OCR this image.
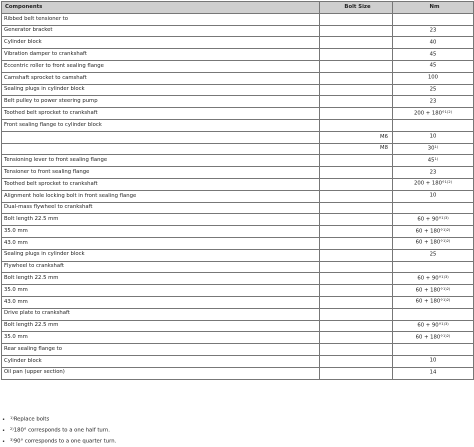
Components	Bolt Size	Nm
Ribbed belt tensioner to		
Generator bracket		23
Cylinder block		40
Vibration damper to crankshaft		45
Eccentric roller to front sealing flange		45
Camshaft sprocket to camshaft		100
Sealing plugs in cylinder block		25
Belt pulley to power steering pump		23
Toothed belt sprocket to crankshaft		200 + 180°$^{1)2)}$
Front sealing flange to cylinder block		
	M6	10
	M8	30$^{1)}$
Tensioning lever to front sealing flange		45$^{1)}$
Tensioner to front sealing flange		23
Toothed belt sprocket to crankshaft		200 + 180°$^{1)2)}$
Alignment hole locking bolt in front sealing flange		10
Dual-mass flywheel to crankshaft		
Bolt length 22.5 mm		60 + 90°$^{1)3)}$
35.0 mm		60 + 180°$^{1)2)}$
43.0 mm		60 + 180°$^{1)2)}$
Sealing plugs in cylinder block		25
Flywheel to crankshaft		
Bolt length 22.5 mm		60 + 90°$^{1)3)}$
35.0 mm		60 + 180°$^{1)2)}$
43.0 mm		60 + 180°$^{1)2)}$
Drive plate to crankshaft		
Bolt length 22.5 mm		60 + 90°$^{1)3)}$
35.0 mm		60 + 180°$^{1)2)}$
Rear sealing flange to		
Cylinder block		10
Oil pan (upper section)		14
• $^{1)}$Replace bolts
• $^{2)}$180° corresponds to a one half turn.
• $^{3)}$90° corresponds to a one quarter turn.
